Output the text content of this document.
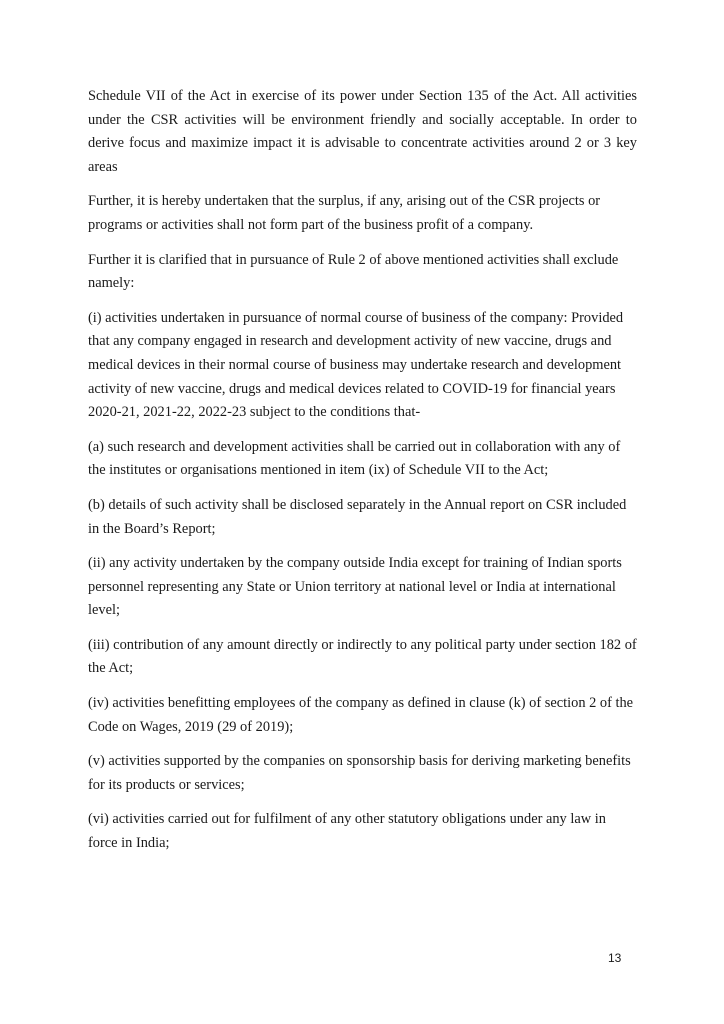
Schedule VII of the Act in exercise of its power under Section 135 of the Act. All activities under the CSR activities will be environment friendly and socially acceptable. In order to derive focus and maximize impact it is advisable to concentrate activities around 2 or 3 key areas

Further, it is hereby undertaken that the surplus, if any, arising out of the CSR projects or programs or activities shall not form part of the business profit of a company.

Further it is clarified that in pursuance of Rule 2 of above mentioned activities shall exclude namely:

(i) activities undertaken in pursuance of normal course of business of the company: Provided that any company engaged in research and development activity of new vaccine, drugs and medical devices in their normal course of business may undertake research and development activity of new vaccine, drugs and medical devices related to COVID-19 for financial years 2020-21, 2021-22, 2022-23 subject to the conditions that-

(a) such research and development activities shall be carried out in collaboration with any of the institutes or organisations mentioned in item (ix) of Schedule VII to the Act;

(b) details of such activity shall be disclosed separately in the Annual report on CSR included in the Board’s Report;

(ii) any activity undertaken by the company outside India except for training of Indian sports personnel representing any State or Union territory at national level or India at international level;

(iii) contribution of any amount directly or indirectly to any political party under section 182 of the Act;

(iv) activities benefitting employees of the company as defined in clause (k) of section 2 of the Code on Wages, 2019 (29 of 2019);

(v) activities supported by the companies on sponsorship basis for deriving marketing benefits for its products or services;

(vi) activities carried out for fulfilment of any other statutory obligations under any law in force in India;

13
